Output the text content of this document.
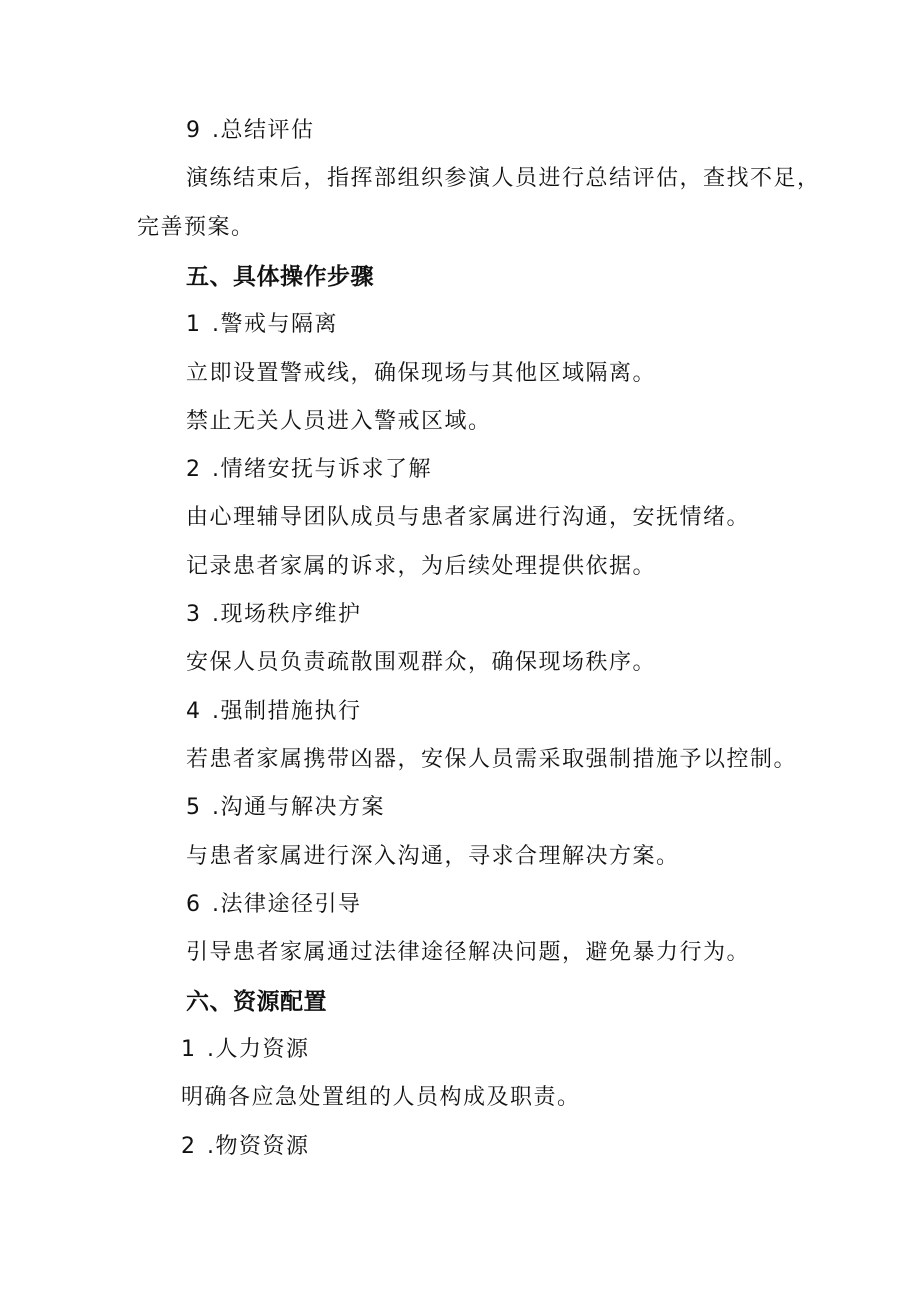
9 .总结评估
演练结束后，指挥部组织参演人员进行总结评估，查找不足，
完善预案。
五、具体操作步骤
1 .警戒与隔离
立即设置警戒线，确保现场与其他区域隔离。
禁止无关人员进入警戒区域。
2 .情绪安抚与诉求了解
由心理辅导团队成员与患者家属进行沟通，安抚情绪。
记录患者家属的诉求，为后续处理提供依据。
3 .现场秩序维护
安保人员负责疏散围观群众，确保现场秩序。
4 .强制措施执行
若患者家属携带凶器，安保人员需采取强制措施予以控制。
5 .沟通与解决方案
与患者家属进行深入沟通，寻求合理解决方案。
6 .法律途径引导
引导患者家属通过法律途径解决问题，避免暴力行为。
六、资源配置
1 .人力资源
明确各应急处置组的人员构成及职责。
2 .物资资源
